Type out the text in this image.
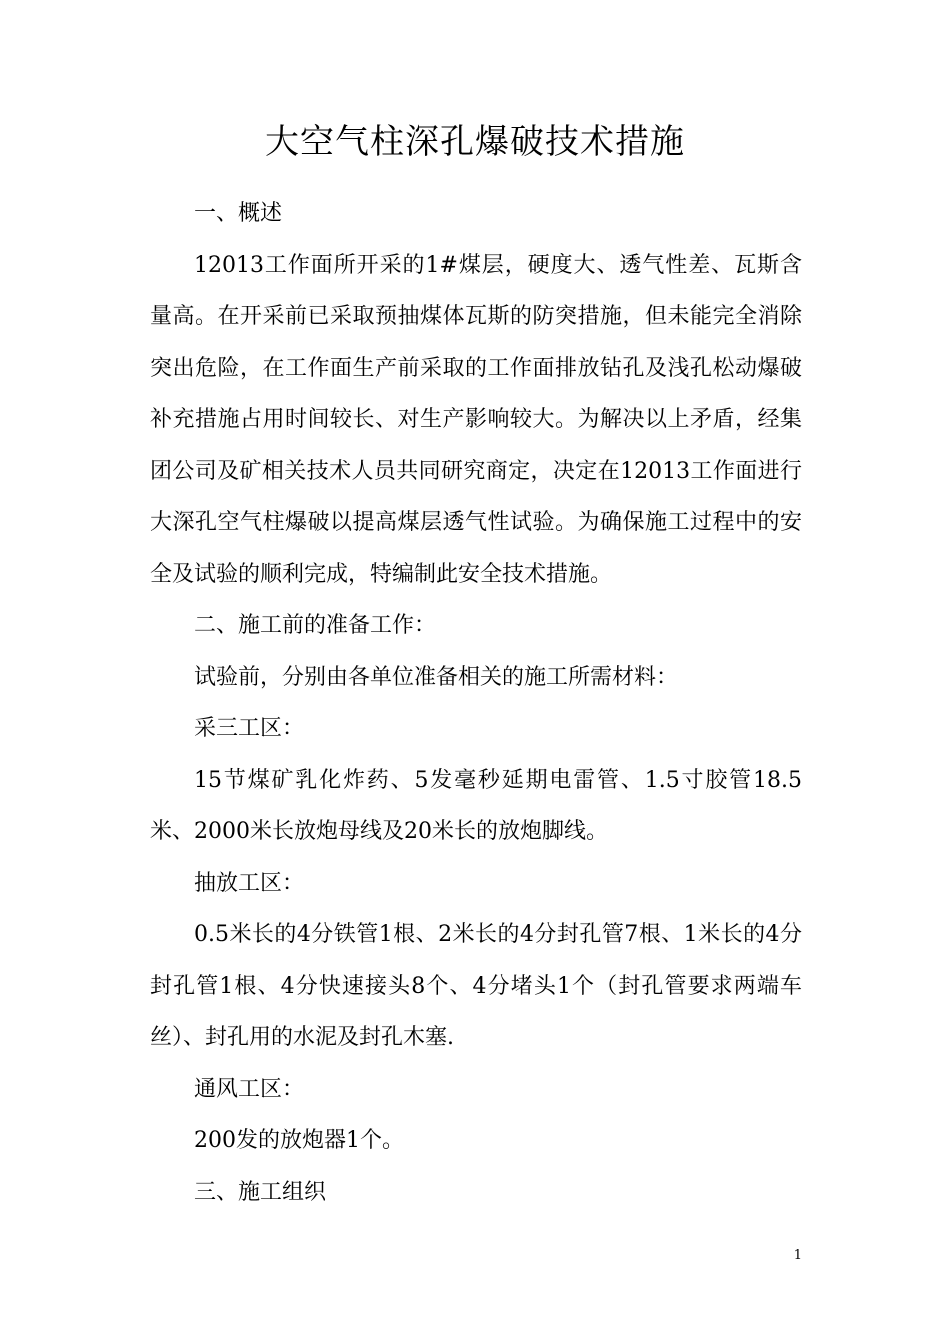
大空气柱深孔爆破技术措施

一、概述

12013工作面所开采的1#煤层，硬度大、透气性差、瓦斯含量高。在开采前已采取预抽煤体瓦斯的防突措施，但未能完全消除突出危险，在工作面生产前采取的工作面排放钻孔及浅孔松动爆破补充措施占用时间较长、对生产影响较大。为解决以上矛盾，经集团公司及矿相关技术人员共同研究商定，决定在12013工作面进行大深孔空气柱爆破以提高煤层透气性试验。为确保施工过程中的安全及试验的顺利完成，特编制此安全技术措施。

二、施工前的准备工作：

试验前，分别由各单位准备相关的施工所需材料：

采三工区：

15节煤矿乳化炸药、5发毫秒延期电雷管、1.5寸胶管18.5米、2000米长放炮母线及20米长的放炮脚线。

抽放工区：

0.5米长的4分铁管1根、2米长的4分封孔管7根、1米长的4分封孔管1根、4分快速接头8个、4分堵头1个（封孔管要求两端车丝）、封孔用的水泥及封孔木塞.

通风工区：

200发的放炮器1个。

三、施工组织

1
